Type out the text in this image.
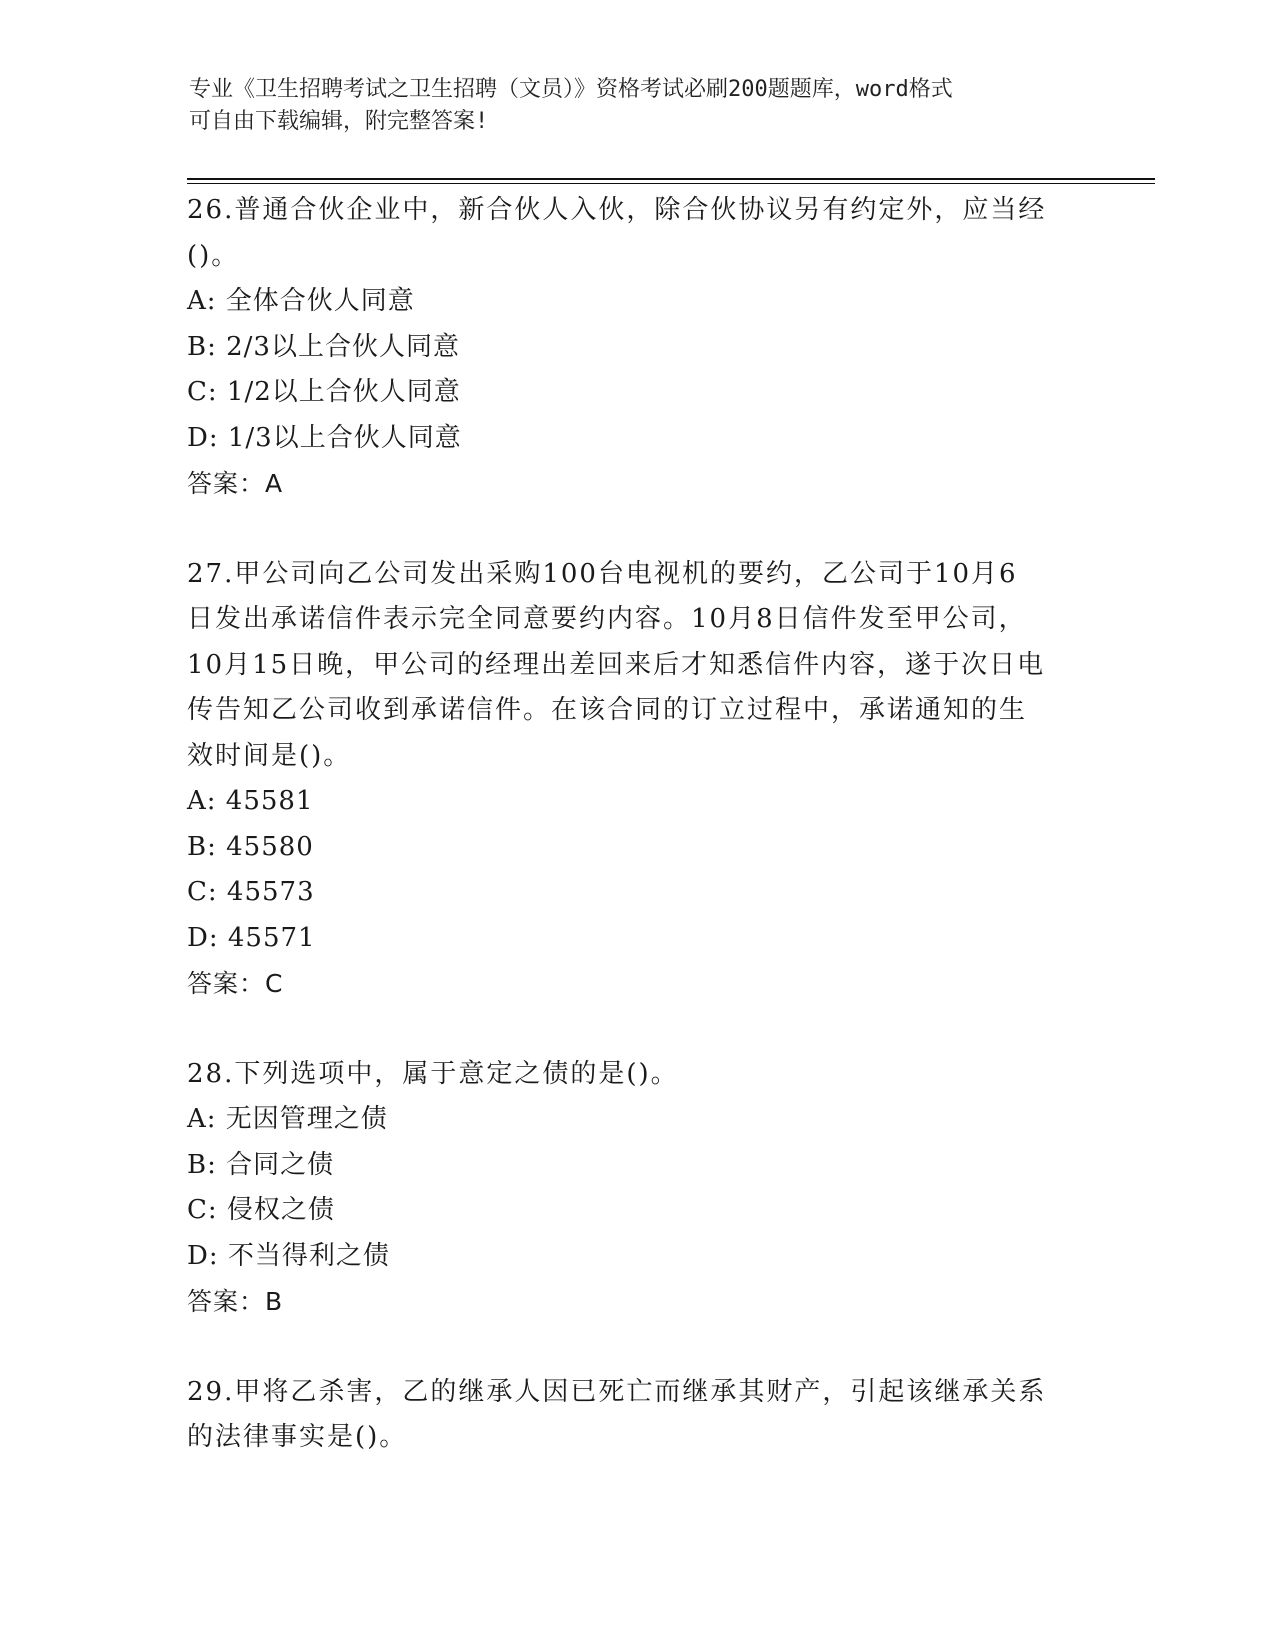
专业《卫生招聘考试之卫生招聘（文员）》资格考试必刷200题题库，word格式
可自由下载编辑，附完整答案!
26.普通合伙企业中，新合伙人入伙，除合伙协议另有约定外，应当经
()。
A: 全体合伙人同意
B: 2/3以上合伙人同意
C: 1/2以上合伙人同意
D: 1/3以上合伙人同意
答案：A
27.甲公司向乙公司发出采购100台电视机的要约，乙公司于10月6
日发出承诺信件表示完全同意要约内容。10月8日信件发至甲公司，
10月15日晚，甲公司的经理出差回来后才知悉信件内容，遂于次日电
传告知乙公司收到承诺信件。在该合同的订立过程中，承诺通知的生
效时间是()。
A: 45581
B: 45580
C: 45573
D: 45571
答案：C
28.下列选项中，属于意定之债的是()。
A: 无因管理之债
B: 合同之债
C: 侵权之债
D: 不当得利之债
答案：B
29.甲将乙杀害，乙的继承人因已死亡而继承其财产，引起该继承关系
的法律事实是()。
